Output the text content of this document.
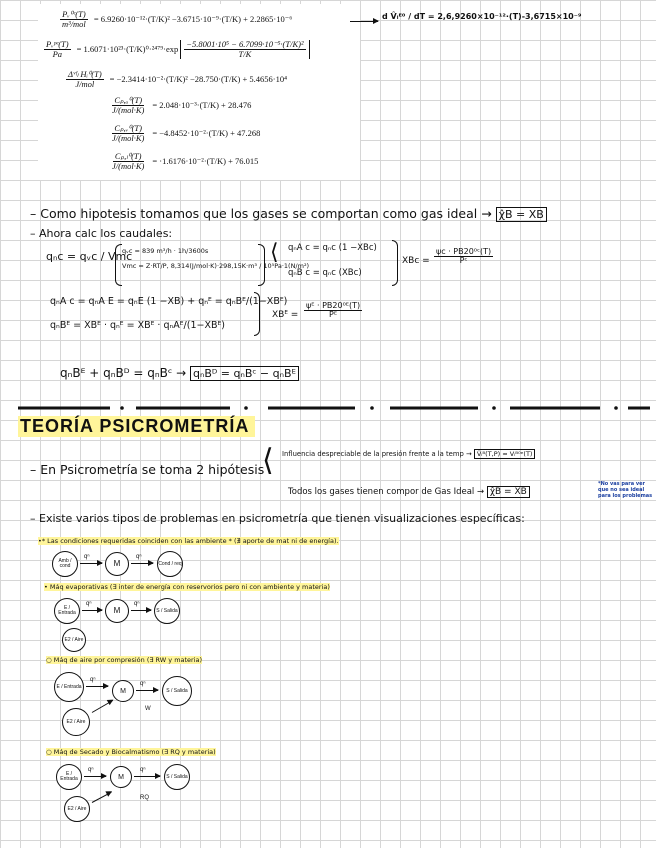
$\frac{\text{Pᵥ⁰ᶜ(T)}}{\text{m³/mol}} = 6.9260\cdot 10^{-12}\cdot(T/K)^2 -3.6715\cdot 10^{-9}\cdot(T/K) + 2.2865\cdot 10^{-6}$
$\frac{\text{Pᵥᵖᵉ(T)}}{Pa} = 1.6071\cdot 10^{23}\cdot(T/K)^0\cdot^{2479}\cdot\exp \frac{\text{−5.8001·10⁵ − 6.7099·10⁻⁵·(T/K)²}}{T/K}$
$\frac{\text{Δᵛᶠₗ Hᵢ⁰(T)}}{\text{J/mol}} = -2.3414\cdot 10^{-2}\cdot(T/K)^2 -28.750\cdot(T/K) + 5.4656\cdot 10^4$
$\frac{\text{Cₚ,ₐ⁰(T)}}{\text{J/(mol·K)}} = 2.048\cdot 10^{-3}\cdot(T/K) + 28.476$
$\frac{\text{Cₚ,ᵥ⁰(T)}}{\text{J/(mol·K)}} = -4.8452\cdot 10^{-2}\cdot(T/K) + 47.268$
$\frac{\text{Cₚ,ₗ⁰(T)}}{\text{J/(mol·K)}} = \cdot 1.6176\cdot 10^{-2}\cdot(T/K) + 76.015$
d V̂ₗᴱ⁰ / dT = 2,6,9260×10⁻¹²·(T)-3,6715×10⁻⁹
– Como hipotesis tomamos que los gases se comportan como gas ideal → χ̂B = XB
– Ahora calc los caudales:
qₙc = qᵥc / Vmc
qᵥc = 839 m³/h · 1h/3600s
Vmc = Z·RT/P, 8,314(J/mol·K)·298,15K·m³ / 10⁵Pa·1(N/m²)
⟨ qₙA c = qₙc (1 −XBc)
qₙB c = qₙc (XBc)
XBc = $\frac{\text{ψc · PB20⁰ᶜ(T)}}{\text{Pᶜ}}$
qₙA c = qₙA E = qₙE (1 −XB) + qₙᴱ = qₙBᴱ/(1−XBᴱ)
qₙBᴱ = XBᴱ · qₙᴱ = XBᴱ · qₙAᴱ/(1−XBᴱ)
XBᴱ = $\frac{\text{ψᴱ · PB20⁰ᴱ(T)}}{\text{Pᴱ}}$
qₙBᴱ + qₙBᴰ = qₙBᶜ → qₙBᴰ = qₙBᶜ − qₙBᴱ
TEORÍA PSICROMETRÍA
– En Psicrometría se toma 2 hipótesis
⟨ Influencia despreciable de la presión frente a la temp → V̂ₗᴮ(T,P) ≈ Vₗᴮ⁰ᵉ(T)
Todos los gases tienen compor de Gas Ideal → χ̂B = XB
*No vas para ver que no sea ideal para los problemas
– Existe varios tipos de problemas en psicrometría que tienen visualizaciones específicas:
•* Las condiciones requeridas coinciden con las ambiente * (∄ aporte de mat ni de energía).
Amb / cond
qⁿ
M
qⁿ
Cond / req
• Máq evaporativas (∃ inter de energía con reservorios pero ni con ambiente y materia)
E / Entrada
qⁿ
M
qⁿ
S / Salida
E2 / Aire
○ Máq de aire por compresión (∃ RW y materia)
E / Entrada
qⁿ
M
qⁿ
S / Salida
E2 / Aire
W
○ Máq de Secado y Biocalmatismo (∃ RQ y materia)
E / Entrada
qⁿ
M
qⁿ
S / Salida
E2 / Aire
RQ
